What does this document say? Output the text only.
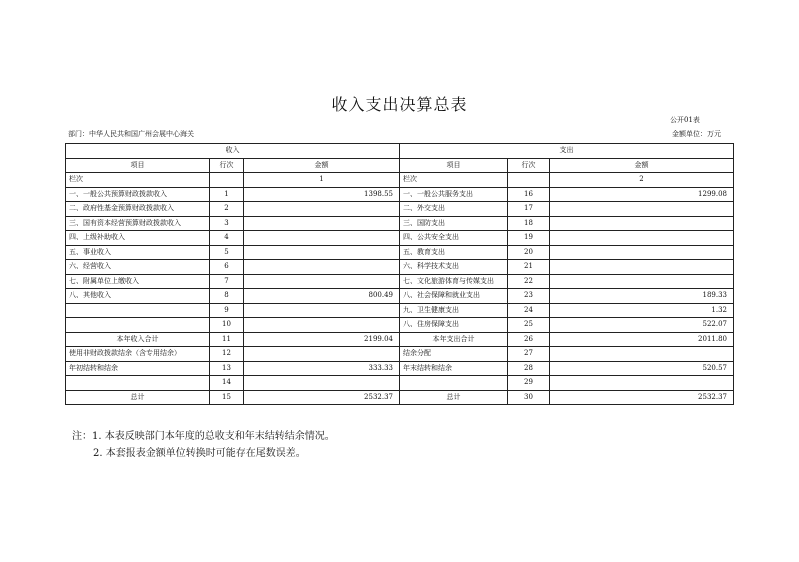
收入支出决算总表
公开01表
部门：中华人民共和国广州会展中心海关	金额单位：万元
收入			支出		
项目	行次	金额	项目	行次	金额
栏次		1	栏次		2
一、一般公共预算财政拨款收入	1	1398.55	一、一般公共服务支出	16	1299.08
二、政府性基金预算财政拨款收入	2		二、外交支出	17	
三、国有资本经营预算财政拨款收入	3		三、国防支出	18	
四、上级补助收入	4		四、公共安全支出	19	
五、事业收入	5		五、教育支出	20	
六、经营收入	6		六、科学技术支出	21	
七、附属单位上缴收入	7		七、文化旅游体育与传媒支出	22	
八、其他收入	8	800.49	八、社会保障和就业支出	23	189.33
	9		九、卫生健康支出	24	1.32
	10		八、住房保障支出	25	522.07
本年收入合计	11	2199.04	本年支出合计	26	2011.80
使用非财政拨款结余（含专用结余）	12		结余分配	27	
年初结转和结余	13	333.33	年末结转和结余	28	520.57
	14			29	
总计	15	2532.37	总计	30	2532.37
注：1. 本表反映部门本年度的总收支和年末结转结余情况。
2. 本套报表金额单位转换时可能存在尾数误差。
